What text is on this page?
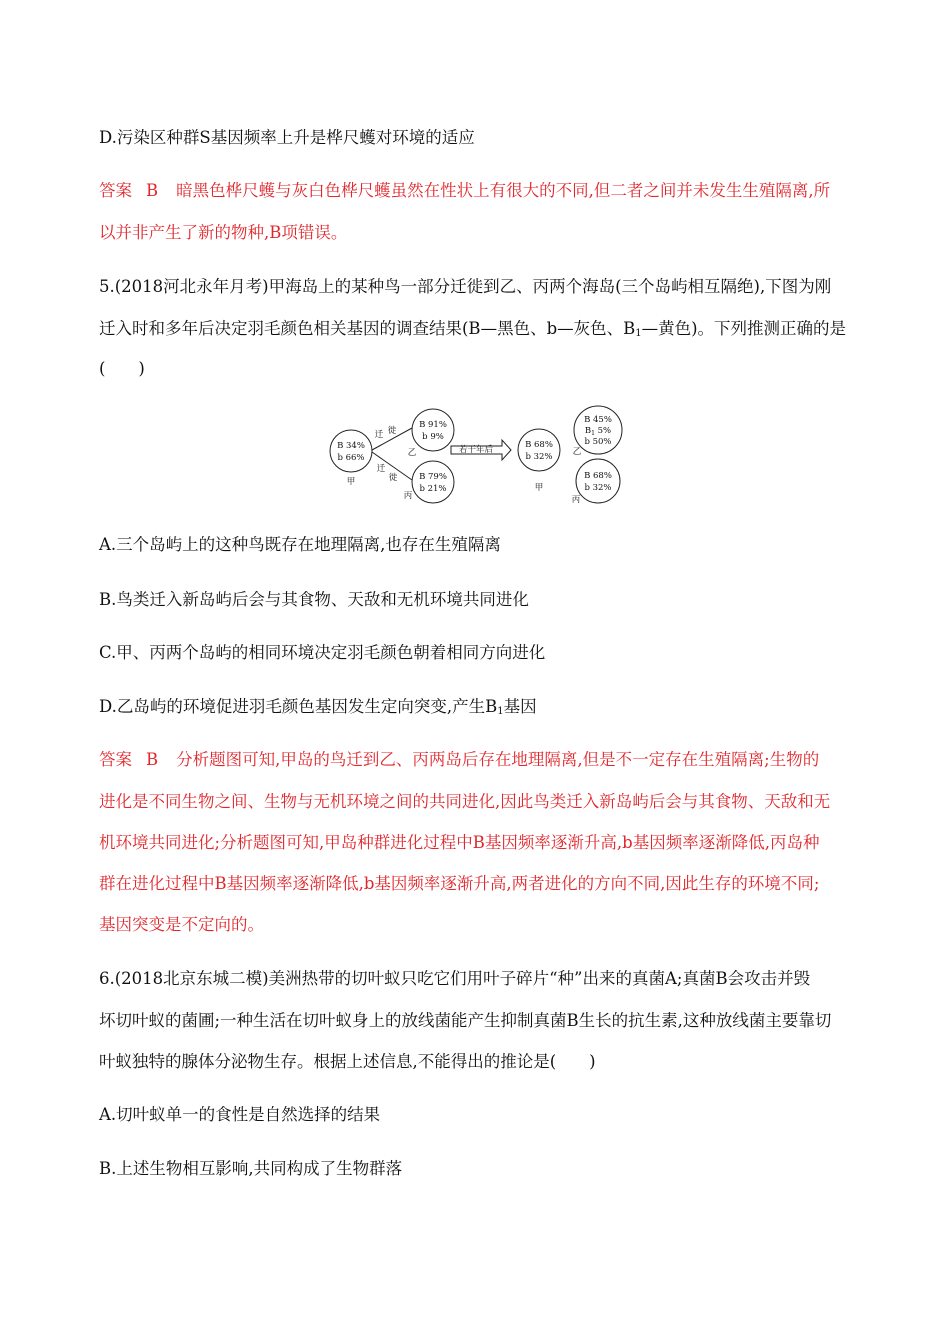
D.污染区种群S基因频率上升是桦尺蠖对环境的适应
答案 B 暗黑色桦尺蠖与灰白色桦尺蠖虽然在性状上有很大的不同,但二者之间并未发生生殖隔离,所
以并非产生了新的物种,B项错误。
5.(2018河北永年月考)甲海岛上的某种鸟一部分迁徙到乙、丙两个海岛(三个岛屿相互隔绝),下图为刚
迁入时和多年后决定羽毛颜色相关基因的调查结果(B—黑色、b—灰色、$B_1—$黄色)。下列推测正确的是
(　　)
B 34%
b 66%
甲
B 91%
b 9%
乙
B 79%
b 21%
丙
迁 徙
迁
徙
若干年后	B 68%
b 32%
甲
B 45%
$B_1$ 5%
b 50%
乙
B 68%
b 32%
丙
A.三个岛屿上的这种鸟既存在地理隔离,也存在生殖隔离
B.鸟类迁入新岛屿后会与其食物、天敌和无机环境共同进化
C.甲、丙两个岛屿的相同环境决定羽毛颜色朝着相同方向进化
D.乙岛屿的环境促进羽毛颜色基因发生定向突变,产生$B_1$基因
答案 B 分析题图可知,甲岛的鸟迁到乙、丙两岛后存在地理隔离,但是不一定存在生殖隔离;生物的
进化是不同生物之间、生物与无机环境之间的共同进化,因此鸟类迁入新岛屿后会与其食物、天敌和无
机环境共同进化;分析题图可知,甲岛种群进化过程中B基因频率逐渐升高,b基因频率逐渐降低,丙岛种
群在进化过程中B基因频率逐渐降低,b基因频率逐渐升高,两者进化的方向不同,因此生存的环境不同;
基因突变是不定向的。
6.(2018北京东城二模)美洲热带的切叶蚁只吃它们用叶子碎片“种”出来的真菌A;真菌B会攻击并毁
坏切叶蚁的菌圃;一种生活在切叶蚁身上的放线菌能产生抑制真菌B生长的抗生素,这种放线菌主要靠切
叶蚁独特的腺体分泌物生存。根据上述信息,不能得出的推论是(　　)
A.切叶蚁单一的食性是自然选择的结果
B.上述生物相互影响,共同构成了生物群落
